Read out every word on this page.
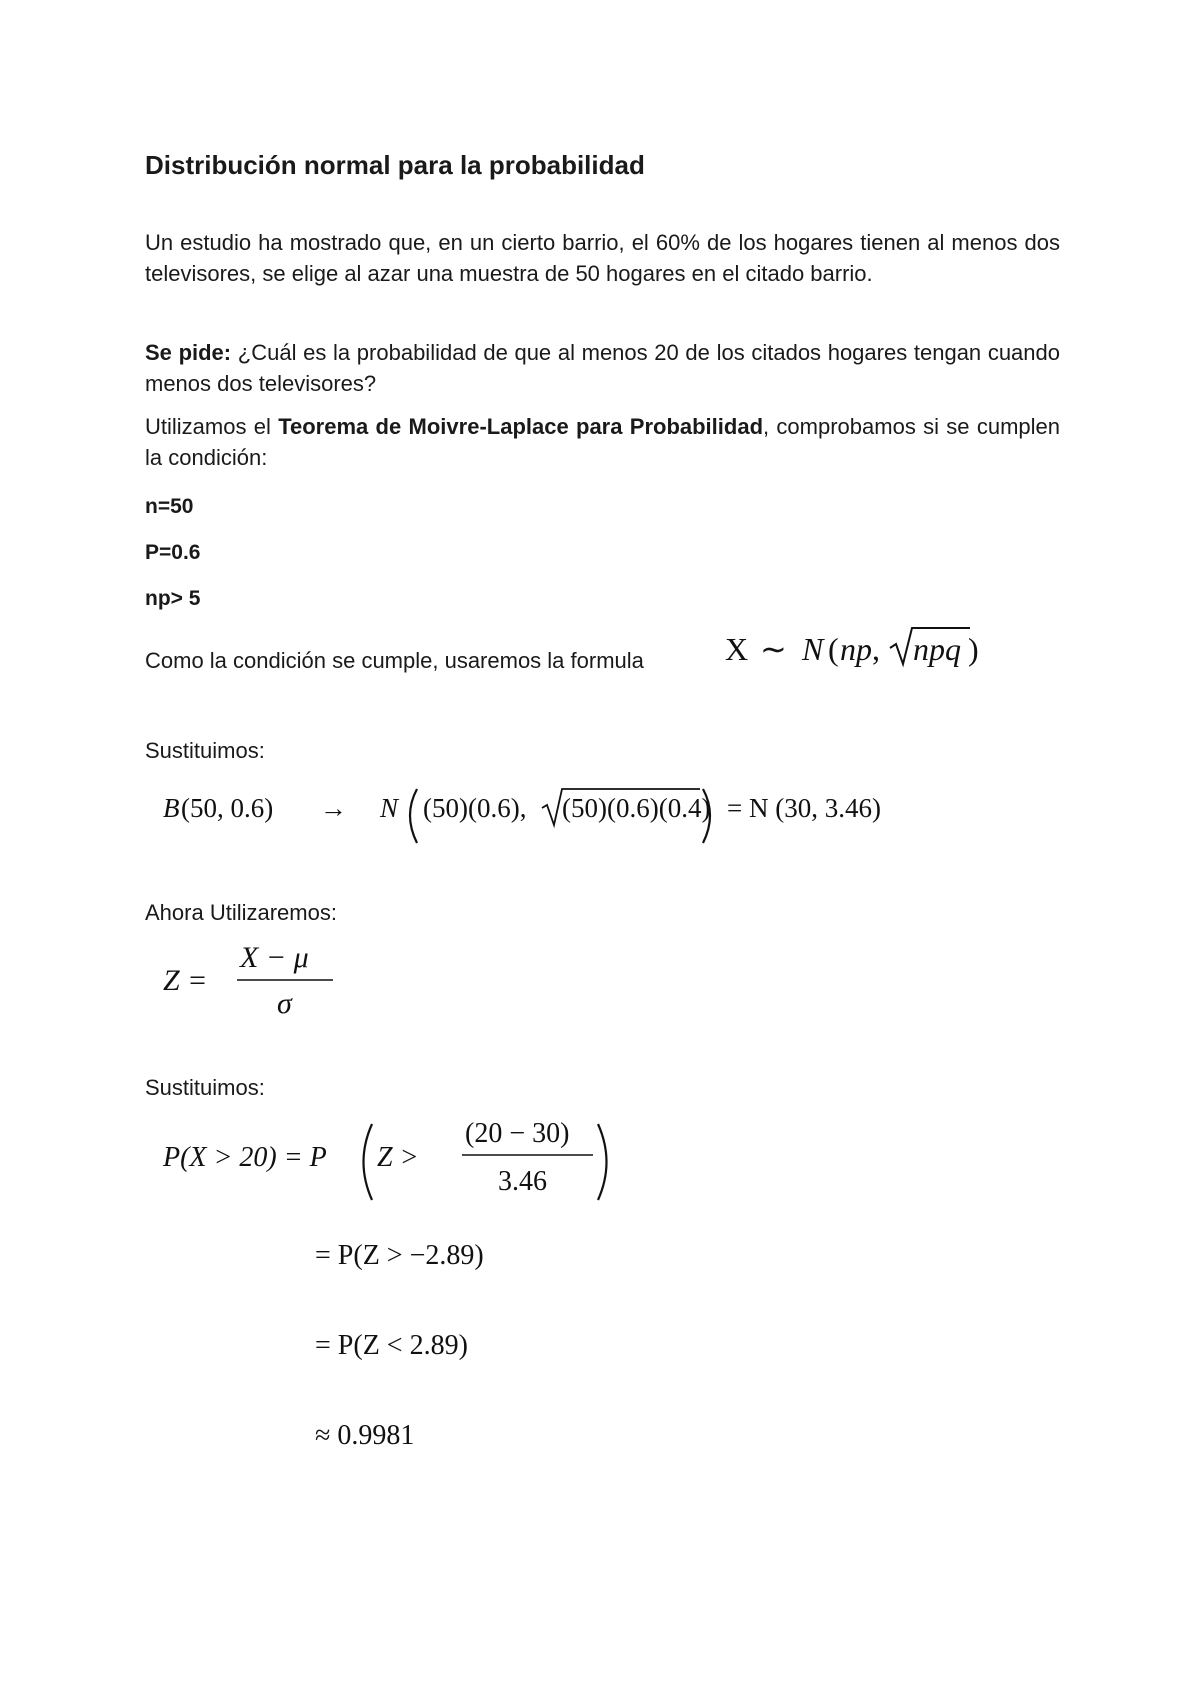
Distribución normal para la probabilidad

Un estudio ha mostrado que, en un cierto barrio, el 60% de los hogares tienen al menos dos televisores, se elige al azar una muestra de 50 hogares en el citado barrio.

Se pide: ¿Cuál es la probabilidad de que al menos 20 de los citados hogares tengan cuando menos dos televisores?

Utilizamos el Teorema de Moivre-Laplace para Probabilidad, comprobamos si se cumplen la condición:

n=50

P=0.6

np> 5

Como la condición se cumple, usaremos la formula	X ∼ N ( np , npq )

Sustituimos:

B (50, 0.6) → N (50)(0.6), (50)(0.6)(0.4) = N (30, 3.46)

Ahora Utilizaremos:

Z =
X − μ
σ

Sustituimos:

P(X > 20) = P Z >
(20 − 30)
3.46
= P(Z > −2.89)
= P(Z < 2.89)
≈ 0.9981
